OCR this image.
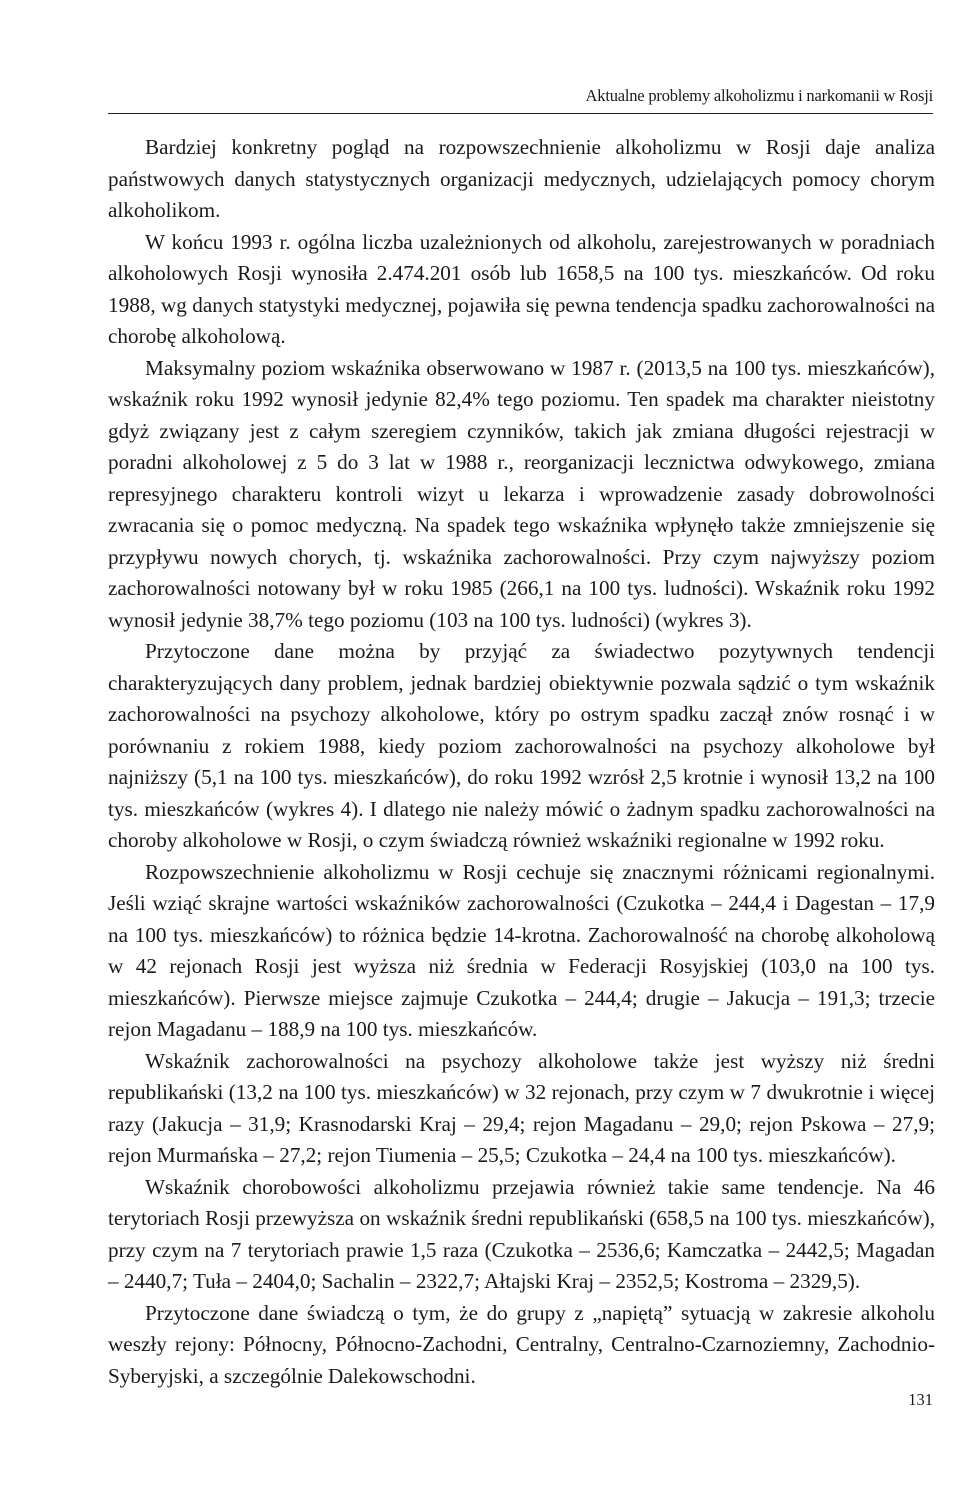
Aktualne problemy alkoholizmu i narkomanii w Rosji

Bardziej konkretny pogląd na rozpowszechnienie alkoholizmu w Rosji daje analiza państwowych danych statystycznych organizacji medycznych, udzielających pomocy chorym alkoholikom.

W końcu 1993 r. ogólna liczba uzależnionych od alkoholu, zarejestrowanych w poradniach alkoholowych Rosji wynosiła 2.474.201 osób lub 1658,5 na 100 tys. mieszkańców. Od roku 1988, wg danych statystyki medycznej, pojawiła się pewna tendencja spadku zachorowalności na chorobę alkoholową.

Maksymalny poziom wskaźnika obserwowano w 1987 r. (2013,5 na 100 tys. mieszkańców), wskaźnik roku 1992 wynosił jedynie 82,4% tego poziomu. Ten spadek ma charakter nieistotny gdyż związany jest z całym szeregiem czynników, takich jak zmiana długości rejestracji w poradni alkoholowej z 5 do 3 lat w 1988 r., reorganizacji lecznictwa odwykowego, zmiana represyjnego charakteru kontroli wizyt u lekarza i wprowadzenie zasady dobrowolności zwracania się o pomoc medyczną. Na spadek tego wskaźnika wpłynęło także zmniejszenie się przypływu nowych chorych, tj. wskaźnika zachorowalności. Przy czym najwyższy poziom zachorowalności notowany był w roku 1985 (266,1 na 100 tys. ludności). Wskaźnik roku 1992 wynosił jedynie 38,7% tego poziomu (103 na 100 tys. ludności) (wykres 3).

Przytoczone dane można by przyjąć za świadectwo pozytywnych tendencji charakteryzujących dany problem, jednak bardziej obiektywnie pozwala sądzić o tym wskaźnik zachorowalności na psychozy alkoholowe, który po ostrym spadku zaczął znów rosnąć i w porównaniu z rokiem 1988, kiedy poziom zachorowalności na psychozy alkoholowe był najniższy (5,1 na 100 tys. mieszkańców), do roku 1992 wzrósł 2,5 krotnie i wynosił 13,2 na 100 tys. mieszkańców (wykres 4). I dlatego nie należy mówić o żadnym spadku zachorowalności na choroby alkoholowe w Rosji, o czym świadczą również wskaźniki regionalne w 1992 roku.

Rozpowszechnienie alkoholizmu w Rosji cechuje się znacznymi różnicami regionalnymi. Jeśli wziąć skrajne wartości wskaźników zachorowalności (Czukotka – 244,4 i Dagestan – 17,9 na 100 tys. mieszkańców) to różnica będzie 14-krotna. Zachorowalność na chorobę alkoholową w 42 rejonach Rosji jest wyższa niż średnia w Federacji Rosyjskiej (103,0 na 100 tys. mieszkańców). Pierwsze miejsce zajmuje Czukotka – 244,4; drugie – Jakucja – 191,3; trzecie rejon Magadanu – 188,9 na 100 tys. mieszkańców.

Wskaźnik zachorowalności na psychozy alkoholowe także jest wyższy niż średni republikański (13,2 na 100 tys. mieszkańców) w 32 rejonach, przy czym w 7 dwukrotnie i więcej razy (Jakucja – 31,9; Krasnodarski Kraj – 29,4; rejon Magadanu – 29,0; rejon Pskowa – 27,9; rejon Murmańska – 27,2; rejon Tiumenia – 25,5; Czukotka – 24,4 na 100 tys. mieszkańców).

Wskaźnik chorobowości alkoholizmu przejawia również takie same tendencje. Na 46 terytoriach Rosji przewyższa on wskaźnik średni republikański (658,5 na 100 tys. mieszkańców), przy czym na 7 terytoriach prawie 1,5 raza (Czukotka – 2536,6; Kamczatka – 2442,5; Magadan – 2440,7; Tuła – 2404,0; Sachalin – 2322,7; Ałtajski Kraj – 2352,5; Kostroma – 2329,5).

Przytoczone dane świadczą o tym, że do grupy z „napiętą” sytuacją w zakresie alkoholu weszły rejony: Północny, Północno-Zachodni, Centralny, Centralno-Czarnoziemny, Zachodnio-Syberyjski, a szczególnie Dalekowschodni.

131
